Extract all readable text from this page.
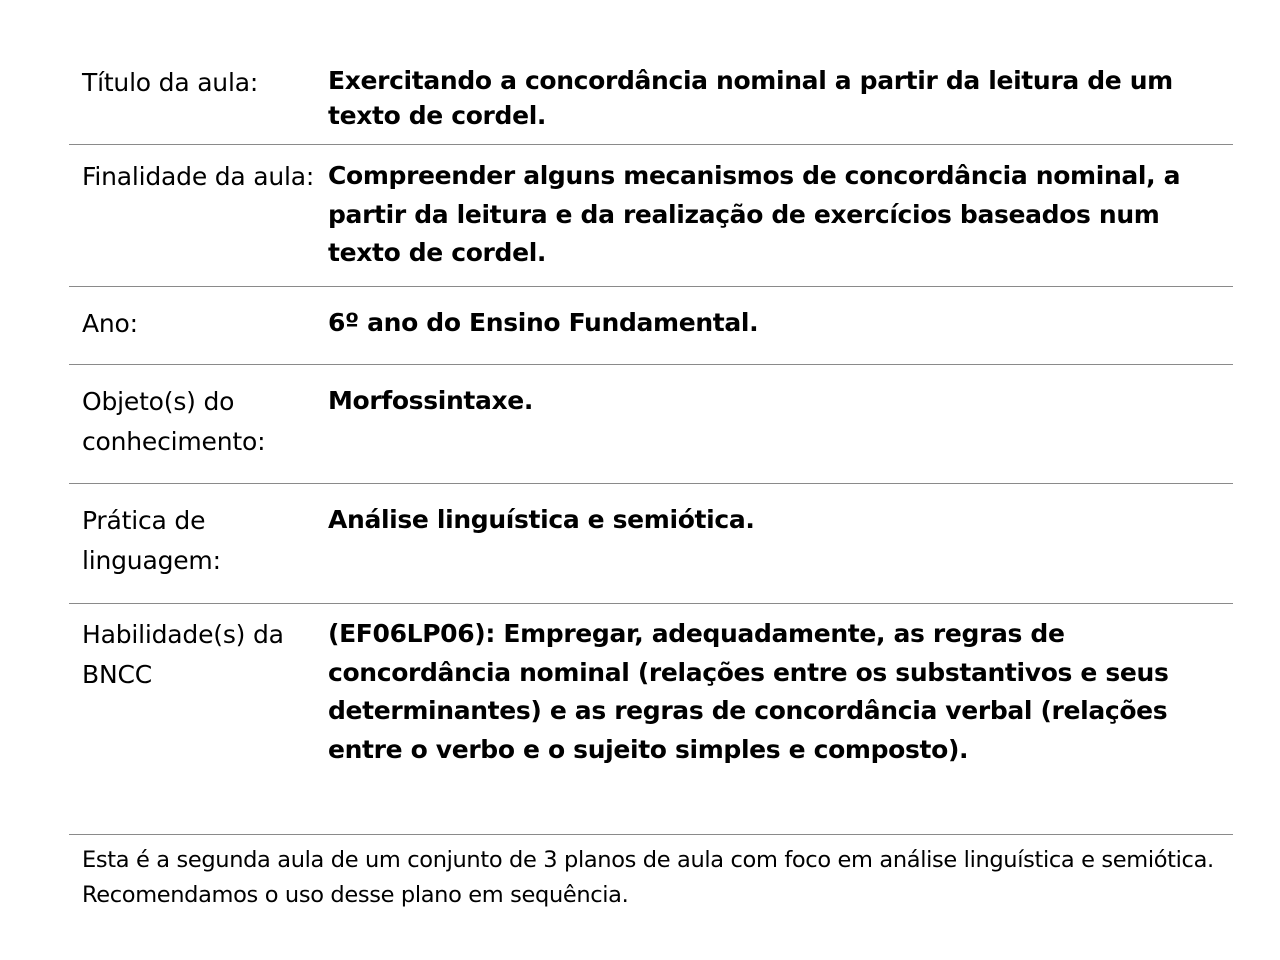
Título da aula:	Exercitando a concordância nominal a partir da leitura de um texto de cordel.
Finalidade da aula: Compreender alguns mecanismos de concordância nominal, a partir da leitura e da realização de exercícios baseados num texto de cordel.
Ano:	6º ano do Ensino Fundamental.
Objeto(s) do conhecimento:
Morfossintaxe.
Prática de linguagem:
Análise linguística e semiótica.
Habilidade(s) da BNCC
(EF06LP06): Empregar, adequadamente, as regras de concordância nominal (relações entre os substantivos e seus determinantes) e as regras de concordância verbal (relações entre o verbo e o sujeito simples e composto).
Esta é a segunda aula de um conjunto de 3 planos de aula com foco em análise linguística e semiótica. Recomendamos o uso desse plano em sequência.
